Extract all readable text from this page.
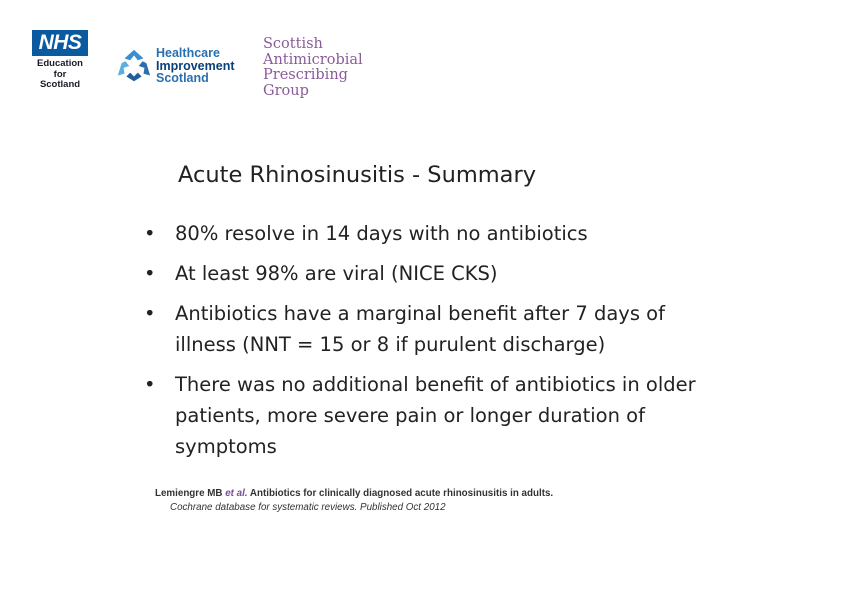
NHS
Education
for
Scotland
Healthcare
Improvement
Scotland
Scottish
Antimicrobial
Prescribing
Group
Acute Rhinosinusitis - Summary
• 80% resolve in 14 days with no antibiotics
• At least 98% are viral (NICE CKS)
• Antibiotics have a marginal benefit after 7 days of illness (NNT = 15 or 8 if purulent discharge)
• There was no additional benefit of antibiotics in older patients, more severe pain or longer duration of symptoms
Lemiengre MB et al. Antibiotics for clinically diagnosed acute rhinosinusitis in adults.
Cochrane database for systematic reviews. Published Oct 2012
